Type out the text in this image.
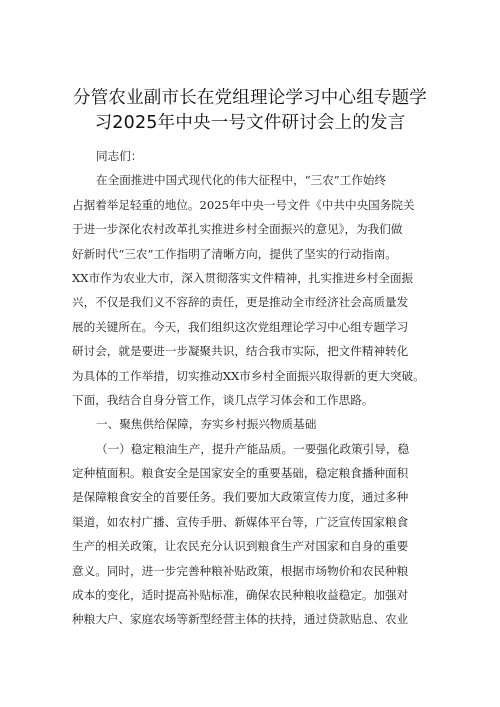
分管农业副市长在党组理论学习中心组专题学
习2025年中央一号文件研讨会上的发言
同志们：
在全面推进中国式现代化的伟大征程中，“三农”工作始终
占据着举足轻重的地位。2025年中央一号文件《中共中央国务院关
于进一步深化农村改革扎实推进乡村全面振兴的意见》，为我们做
好新时代“三农”工作指明了清晰方向，提供了坚实的行动指南。
XX市作为农业大市，深入贯彻落实文件精神，扎实推进乡村全面振
兴，不仅是我们义不容辞的责任，更是推动全市经济社会高质量发
展的关键所在。今天，我们组织这次党组理论学习中心组专题学习
研讨会，就是要进一步凝聚共识，结合我市实际，把文件精神转化
为具体的工作举措，切实推动XX市乡村全面振兴取得新的更大突破。
下面，我结合自身分管工作，谈几点学习体会和工作思路。
一、聚焦供给保障，夯实乡村振兴物质基础
（一）稳定粮油生产，提升产能品质。一要强化政策引导，稳
定种植面积。粮食安全是国家安全的重要基础，稳定粮食播种面积
是保障粮食安全的首要任务。我们要加大政策宣传力度，通过多种
渠道，如农村广播、宣传手册、新媒体平台等，广泛宣传国家粮食
生产的相关政策，让农民充分认识到粮食生产对国家和自身的重要
意义。同时，进一步完善种粮补贴政策，根据市场物价和农民种粮
成本的变化，适时提高补贴标准，确保农民种粮收益稳定。加强对
种粮大户、家庭农场等新型经营主体的扶持，通过贷款贴息、农业
